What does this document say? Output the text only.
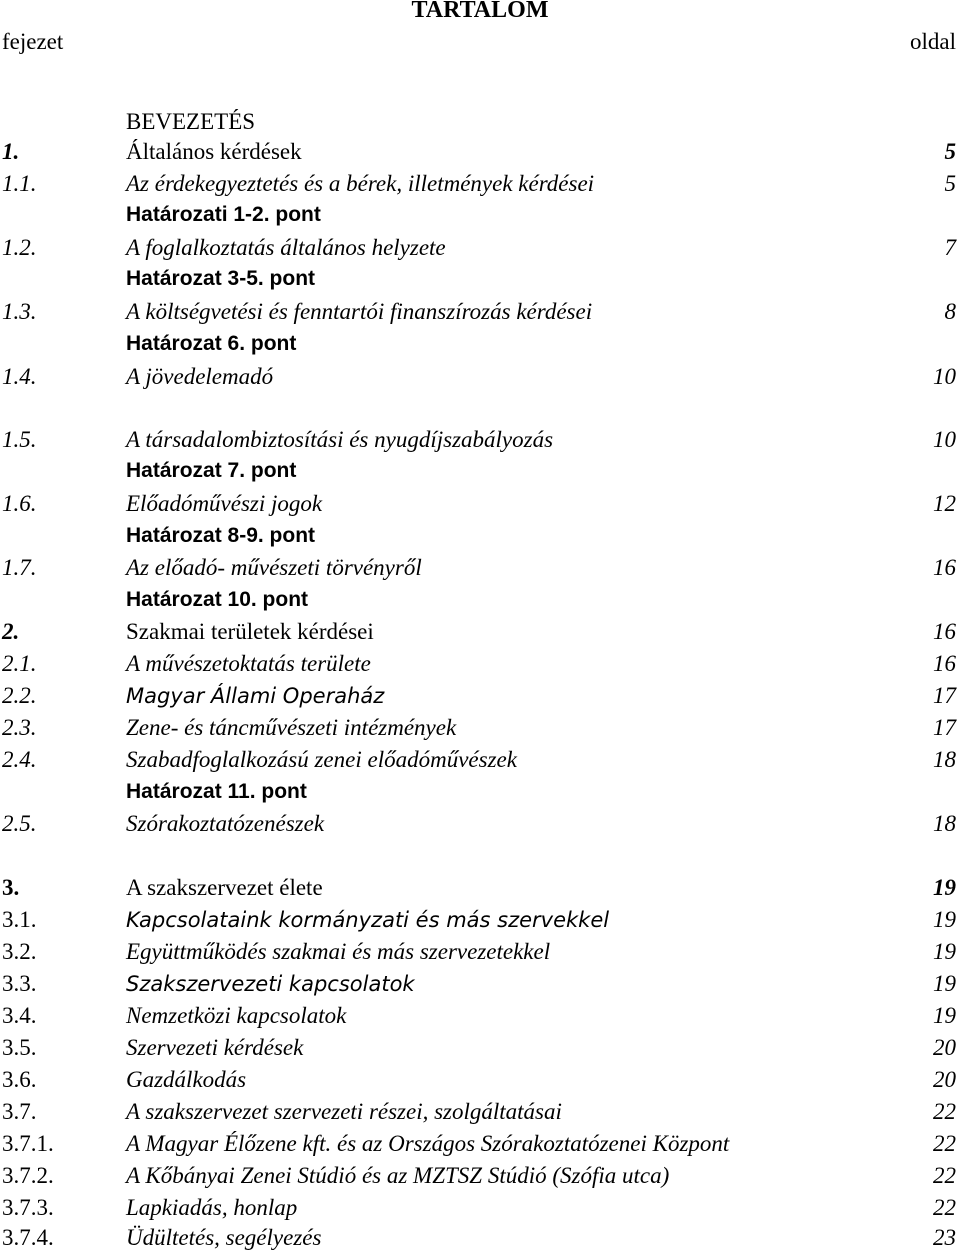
TARTALOM
fejezet	oldal
BEVEZETÉS
1.	Általános kérdések	5
1.1.	Az érdekegyeztetés és a bérek, illetmények kérdései	5
Határozati 1-2. pont
1.2.	A foglalkoztatás általános helyzete	7
Határozat 3-5. pont
1.3.	A költségvetési és fenntartói finanszírozás kérdései	8
Határozat 6. pont
1.4.	A jövedelemadó	10
1.5.	A társadalombiztosítási és nyugdíjszabályozás	10
Határozat 7. pont
1.6.	Előadóművészi jogok	12
Határozat 8-9. pont
1.7.	Az előadó- művészeti törvényről	16
Határozat 10. pont
2.	Szakmai területek kérdései	16
2.1.	A művészetoktatás területe	16
2.2.	Magyar Állami Operaház	17
2.3.	Zene- és táncművészeti intézmények	17
2.4.	Szabadfoglalkozású zenei előadóművészek	18
Határozat 11. pont
2.5.	Szórakoztatózenészek	18
3.	A szakszervezet élete	19
3.1.	Kapcsolataink kormányzati és más szervekkel	19
3.2.	Együttműködés szakmai és más szervezetekkel	19
3.3.	Szakszervezeti kapcsolatok	19
3.4.	Nemzetközi kapcsolatok	19
3.5.	Szervezeti kérdések	20
3.6.	Gazdálkodás	20
3.7.	A szakszervezet szervezeti részei, szolgáltatásai	22
3.7.1.	A Magyar Élőzene kft. és az Országos Szórakoztatózenei Központ	22
3.7.2.	A Kőbányai Zenei Stúdió és az MZTSZ Stúdió (Szófia utca)	22
3.7.3.	Lapkiadás, honlap	22
3.7.4.	Üdültetés, segélyezés	23
